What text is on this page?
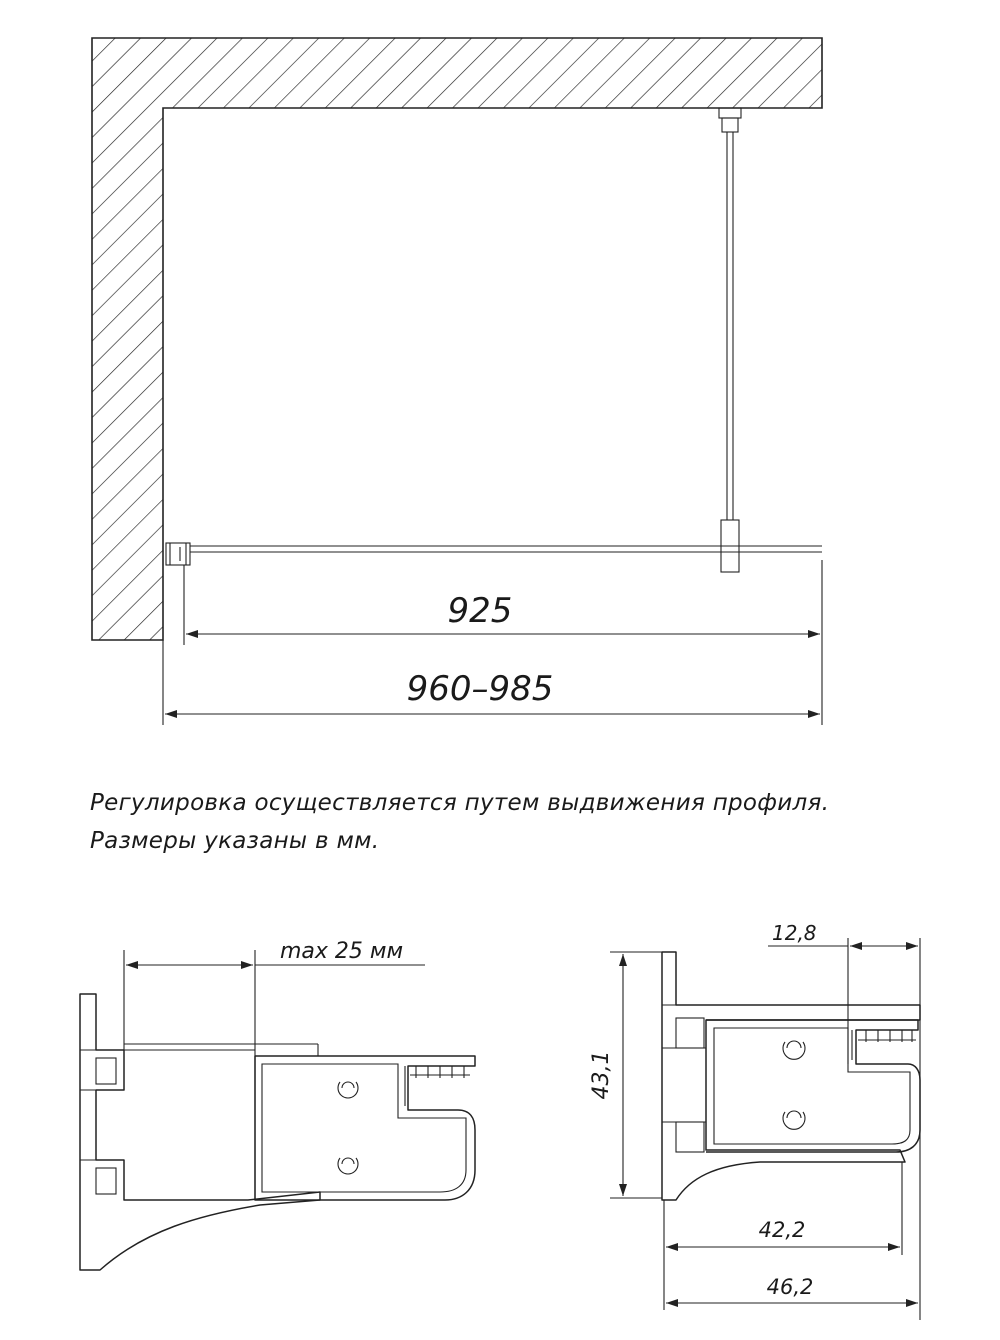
925
960–985
max 25 мм
12,8
43,1
42,2
46,2

Регулировка осуществляется путем выдвижения профиля.

Размеры указаны в мм.
